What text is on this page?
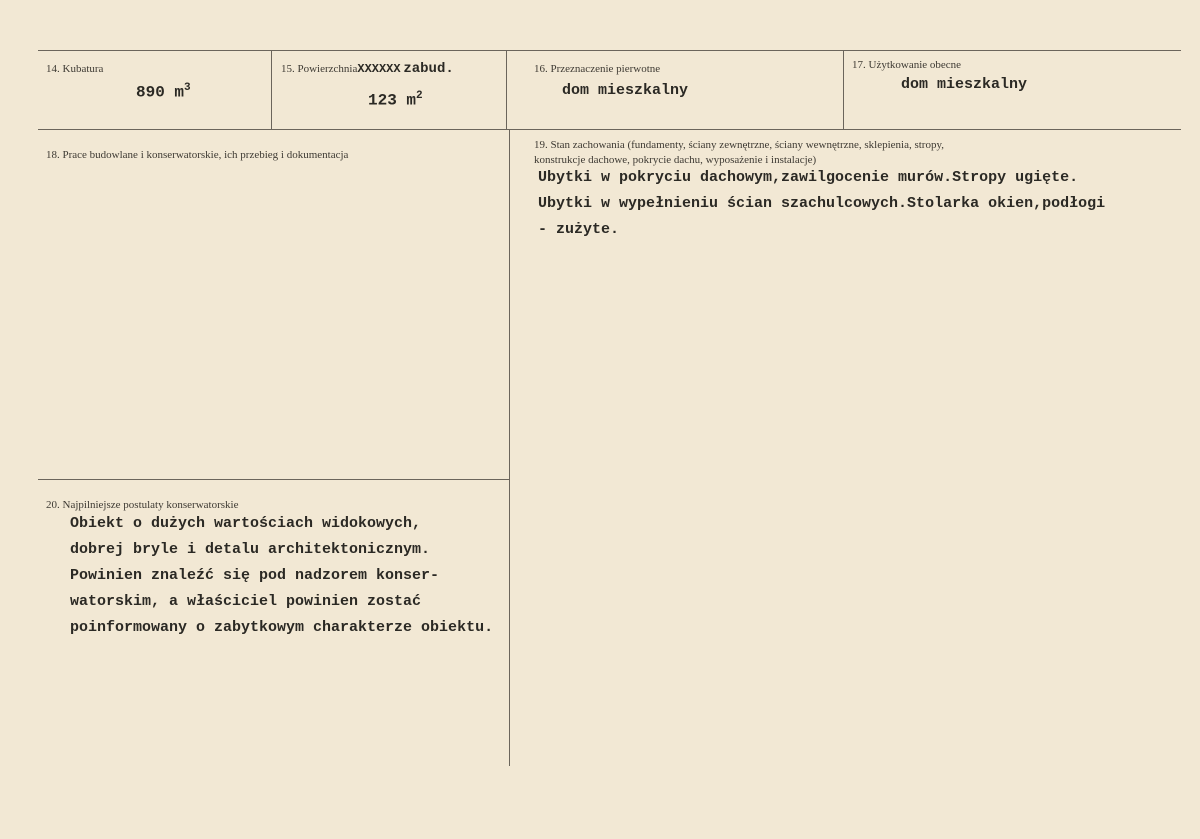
14. Kubatura
890 $m^3$
15. PowierzchniaXXXXXX zabud.
123 $m^2$
16. Przeznaczenie pierwotne
dom mieszkalny
17. Użytkowanie obecne
dom mieszkalny
18. Prace budowlane i konserwatorskie, ich przebieg i dokumentacja
19. Stan zachowania (fundamenty, ściany zewnętrzne, ściany wewnętrzne, sklepienia, stropy,
konstrukcje dachowe, pokrycie dachu, wyposażenie i instalacje)
Ubytki w pokryciu dachowym,zawilgocenie murów.Stropy ugięte.
Ubytki w wypełnieniu ścian szachulcowych.Stolarka okien,podłogi
- zużyte.
20. Najpilniejsze postulaty konserwatorskie
Obiekt o dużych wartościach widokowych,
dobrej bryle i detalu architektonicznym.
Powinien znaleźć się pod nadzorem konser-
watorskim, a właściciel powinien zostać
poinformowany o zabytkowym charakterze obiektu.
